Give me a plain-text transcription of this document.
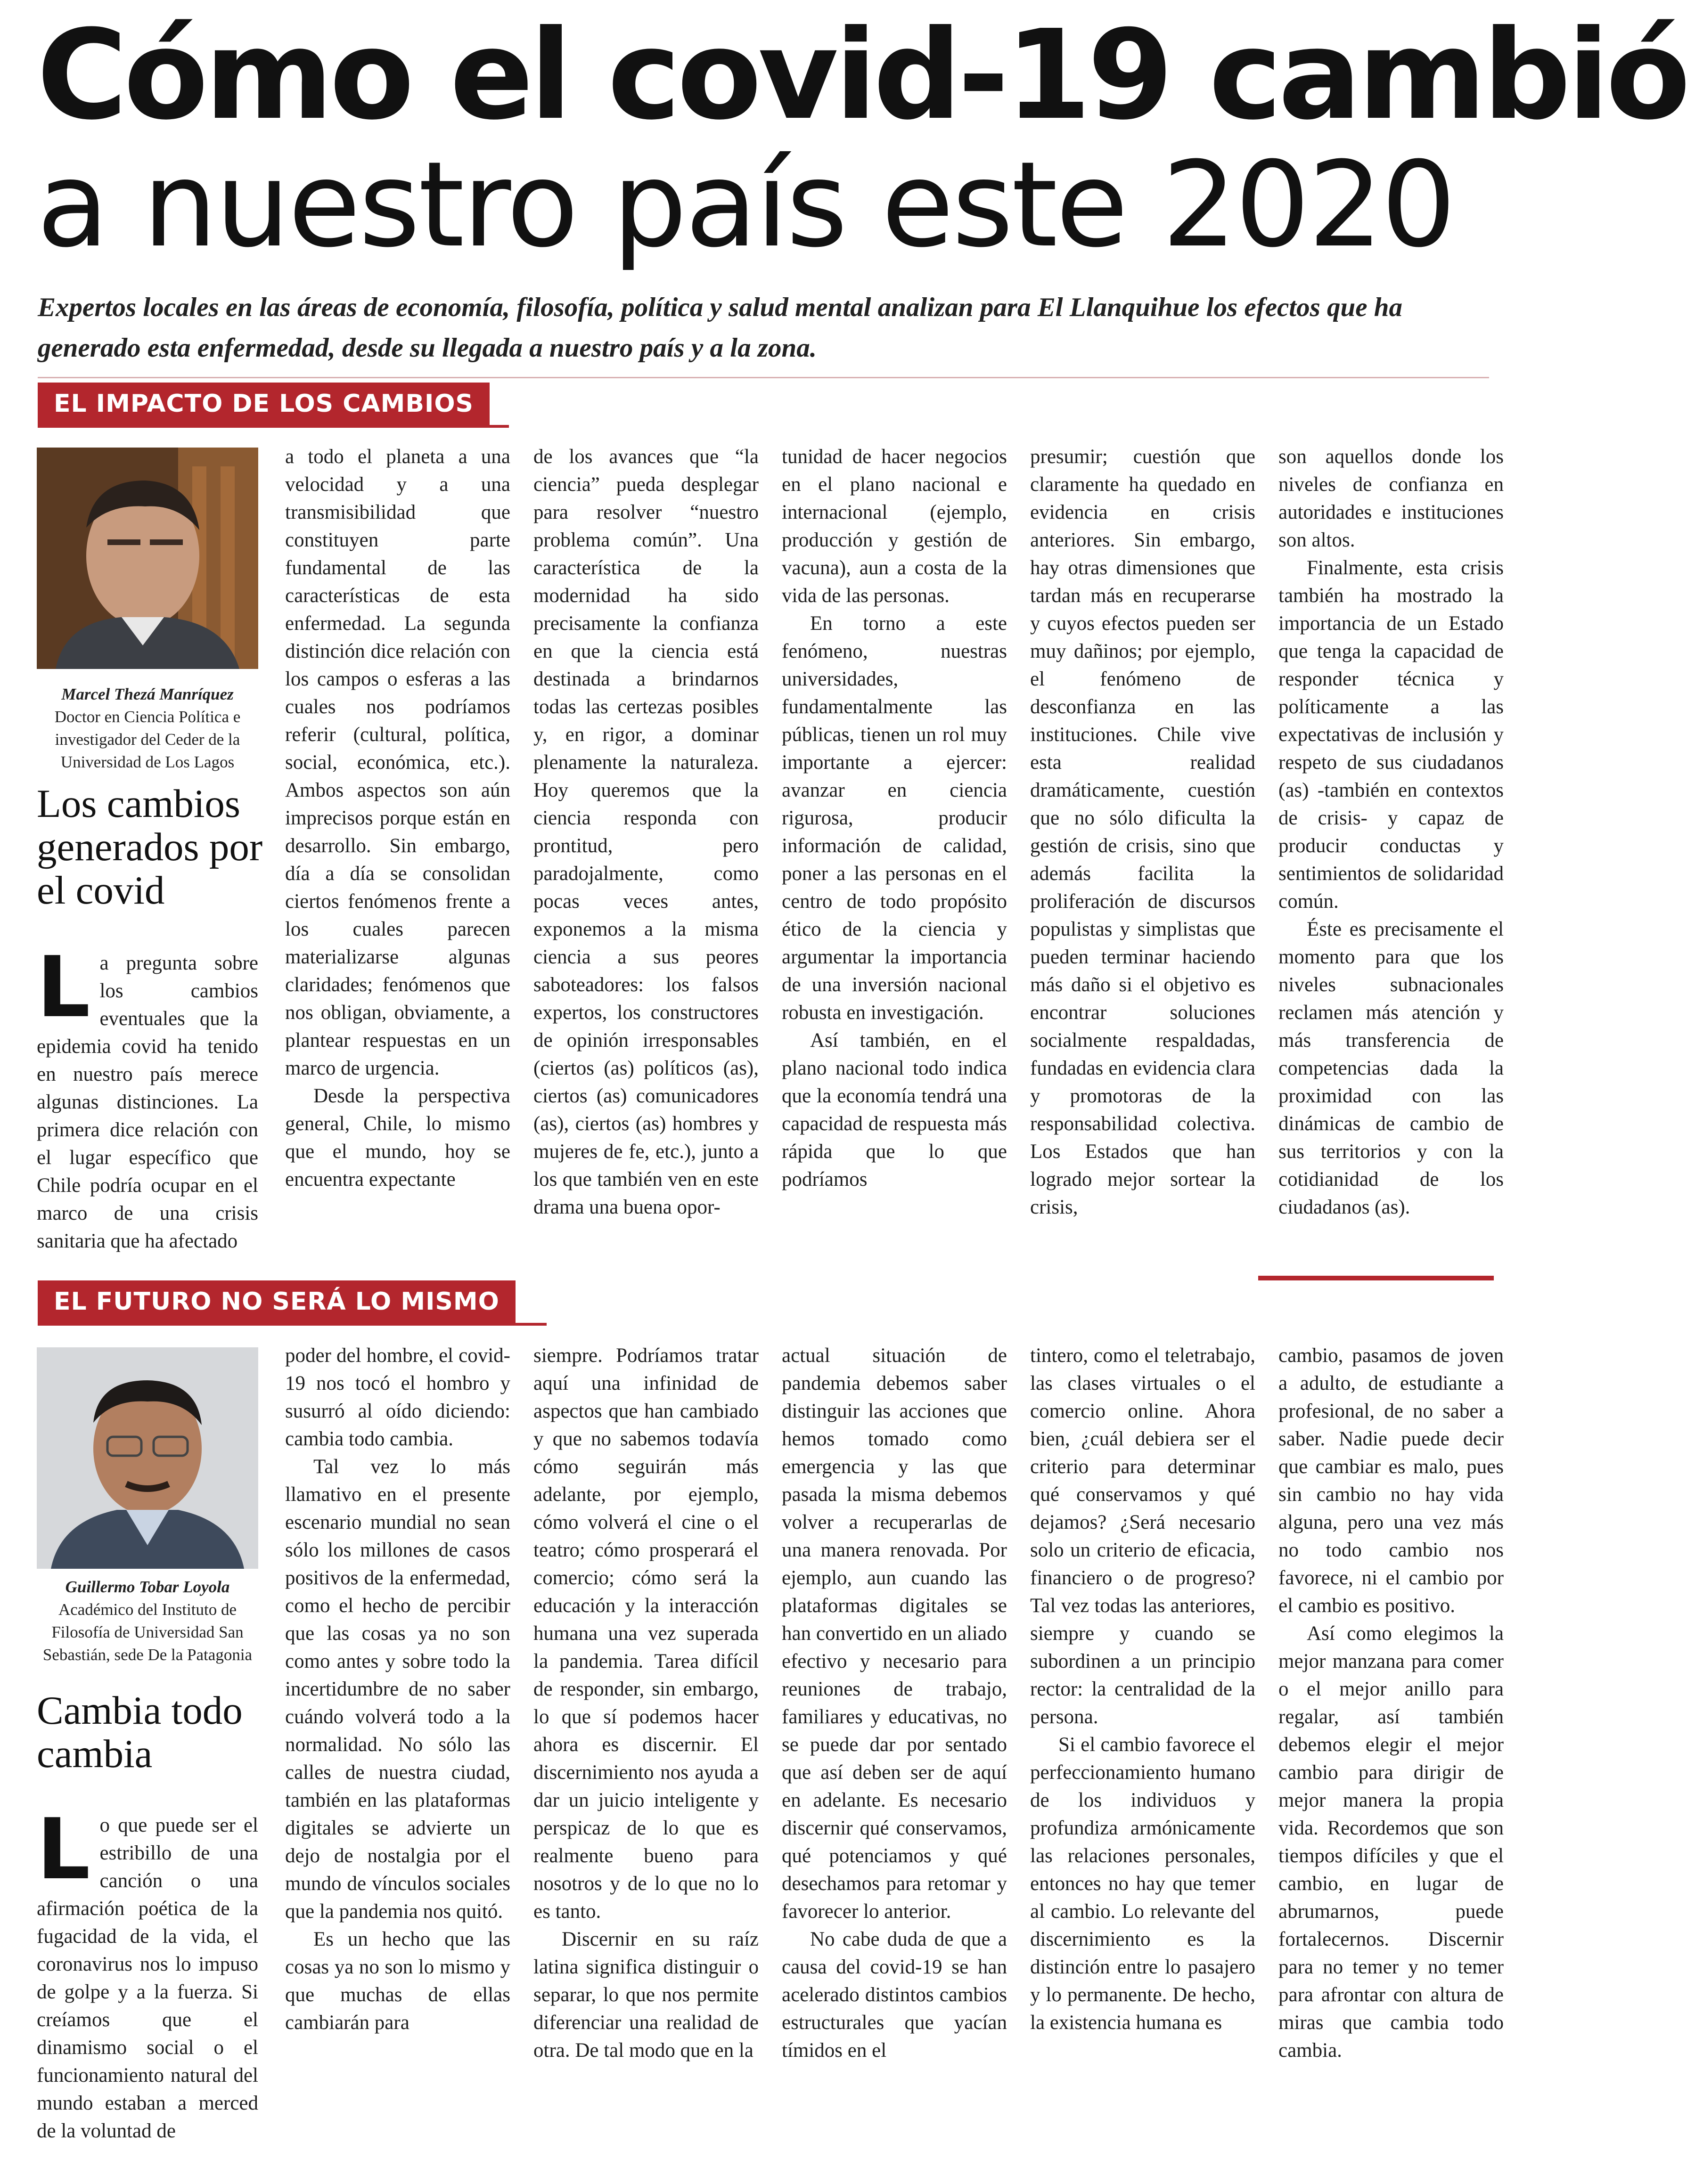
Cómo el covid-19 cambió
a nuestro país este 2020
Expertos locales en las áreas de economía, filosofía, política y salud mental analizan para El Llanquihue los efectos que ha generado esta enfermedad, desde su llegada a nuestro país y a la zona.
EL IMPACTO DE LOS CAMBIOS
Marcel Thezá Manríquez
Doctor en Ciencia Política e investigador del Ceder de la Universidad de Los Lagos
Los cambios generados por el covid
L a pregunta sobre los cambios eventuales que la epidemia covid ha tenido en nuestro país merece algunas distinciones. La primera dice relación con el lugar específico que Chile podría ocupar en el marco de una crisis sanitaria que ha afectado

a todo el planeta a una velocidad y a una transmisibilidad que constituyen parte fundamental de las características de esta enfermedad. La segunda distinción dice relación con los campos o esferas a las cuales nos podríamos referir (cultural, política, social, económica, etc.). Ambos aspectos son aún imprecisos porque están en desarrollo. Sin embargo, día a día se consolidan ciertos fenómenos frente a los cuales parecen materializarse algunas claridades; fenómenos que nos obligan, obviamente, a plantear respuestas en un marco de urgencia.

Desde la perspectiva general, Chile, lo mismo que el mundo, hoy se encuentra expectante

de los avances que “la ciencia” pueda desplegar para resolver “nuestro problema común”. Una característica de la modernidad ha sido precisamente la confianza en que la ciencia está destinada a brindarnos todas las certezas posibles y, en rigor, a dominar plenamente la naturaleza. Hoy queremos que la ciencia responda con prontitud, pero paradojalmente, como pocas veces antes, exponemos a la misma ciencia a sus peores saboteadores: los falsos expertos, los constructores de opinión irresponsables (ciertos (as) políticos (as), ciertos (as) comunicadores (as), ciertos (as) hombres y mujeres de fe, etc.), junto a los que también ven en este drama una buena opor-

tunidad de hacer negocios en el plano nacional e internacional (ejemplo, producción y gestión de vacuna), aun a costa de la vida de las personas.

En torno a este fenómeno, nuestras universidades, fundamentalmente las públicas, tienen un rol muy importante a ejercer: avanzar en ciencia rigurosa, producir información de calidad, poner a las personas en el centro de todo propósito ético de la ciencia y argumentar la importancia de una inversión nacional robusta en investigación.

Así también, en el plano nacional todo indica que la economía tendrá una capacidad de respuesta más rápida que lo que podríamos

presumir; cuestión que claramente ha quedado en evidencia en crisis anteriores. Sin embargo, hay otras dimensiones que tardan más en recuperarse y cuyos efectos pueden ser muy dañinos; por ejemplo, el fenómeno de desconfianza en las instituciones. Chile vive esta realidad dramáticamente, cuestión que no sólo dificulta la gestión de crisis, sino que además facilita la proliferación de discursos populistas y simplistas que pueden terminar haciendo más daño si el objetivo es encontrar soluciones socialmente respaldadas, fundadas en evidencia clara y promotoras de la responsabilidad colectiva. Los Estados que han logrado mejor sortear la crisis,

son aquellos donde los niveles de confianza en autoridades e instituciones son altos.

Finalmente, esta crisis también ha mostrado la importancia de un Estado que tenga la capacidad de responder técnica y políticamente a las expectativas de inclusión y respeto de sus ciudadanos (as) -también en contextos de crisis- y capaz de producir conductas y sentimientos de solidaridad común.

Éste es precisamente el momento para que los niveles subnacionales reclamen más atención y más transferencia de competencias dada la proximidad con las dinámicas de cambio de sus territorios y con la cotidianidad de los ciudadanos (as).

EL FUTURO NO SERÁ LO MISMO
Guillermo Tobar Loyola
Académico del Instituto de Filosofía de Universidad San Sebastián, sede De la Patagonia
Cambia todo cambia
L o que puede ser el estribillo de una canción o una afirmación poética de la fugacidad de la vida, el coronavirus nos lo impuso de golpe y a la fuerza. Si creíamos que el dinamismo social o el funcionamiento natural del mundo estaban a merced de la voluntad de

poder del hombre, el covid-19 nos tocó el hombro y susurró al oído diciendo: cambia todo cambia.

Tal vez lo más llamativo en el presente escenario mundial no sean sólo los millones de casos positivos de la enfermedad, como el hecho de percibir que las cosas ya no son como antes y sobre todo la incertidumbre de no saber cuándo volverá todo a la normalidad. No sólo las calles de nuestra ciudad, también en las plataformas digitales se advierte un dejo de nostalgia por el mundo de vínculos sociales que la pandemia nos quitó.

Es un hecho que las cosas ya no son lo mismo y que muchas de ellas cambiarán para

siempre. Podríamos tratar aquí una infinidad de aspectos que han cambiado y que no sabemos todavía cómo seguirán más adelante, por ejemplo, cómo volverá el cine o el teatro; cómo prosperará el comercio; cómo será la educación y la interacción humana una vez superada la pandemia. Tarea difícil de responder, sin embargo, lo que sí podemos hacer ahora es discernir. El discernimiento nos ayuda a dar un juicio inteligente y perspicaz de lo que es realmente bueno para nosotros y de lo que no lo es tanto.

Discernir en su raíz latina significa distinguir o separar, lo que nos permite diferenciar una realidad de otra. De tal modo que en la

actual situación de pandemia debemos saber distinguir las acciones que hemos tomado como emergencia y las que pasada la misma debemos volver a recuperarlas de una manera renovada. Por ejemplo, aun cuando las plataformas digitales se han convertido en un aliado efectivo y necesario para reuniones de trabajo, familiares y educativas, no se puede dar por sentado que así deben ser de aquí en adelante. Es necesario discernir qué conservamos, qué potenciamos y qué desechamos para retomar y favorecer lo anterior.

No cabe duda de que a causa del covid-19 se han acelerado distintos cambios estructurales que yacían tímidos en el

tintero, como el teletrabajo, las clases virtuales o el comercio online. Ahora bien, ¿cuál debiera ser el criterio para determinar qué conservamos y qué dejamos? ¿Será necesario solo un criterio de eficacia, financiero o de progreso? Tal vez todas las anteriores, siempre y cuando se subordinen a un principio rector: la centralidad de la persona.

Si el cambio favorece el perfeccionamiento humano de los individuos y profundiza armónicamente las relaciones personales, entonces no hay que temer al cambio. Lo relevante del discernimiento es la distinción entre lo pasajero y lo permanente. De hecho, la existencia humana es

cambio, pasamos de joven a adulto, de estudiante a profesional, de no saber a saber. Nadie puede decir que cambiar es malo, pues sin cambio no hay vida alguna, pero una vez más no todo cambio nos favorece, ni el cambio por el cambio es positivo.

Así como elegimos la mejor manzana para comer o el mejor anillo para regalar, así también debemos elegir el mejor cambio para dirigir de mejor manera la propia vida. Recordemos que son tiempos difíciles y que el cambio, en lugar de abrumarnos, puede fortalecernos. Discernir para no temer y no temer para afrontar con altura de miras que cambia todo cambia.
